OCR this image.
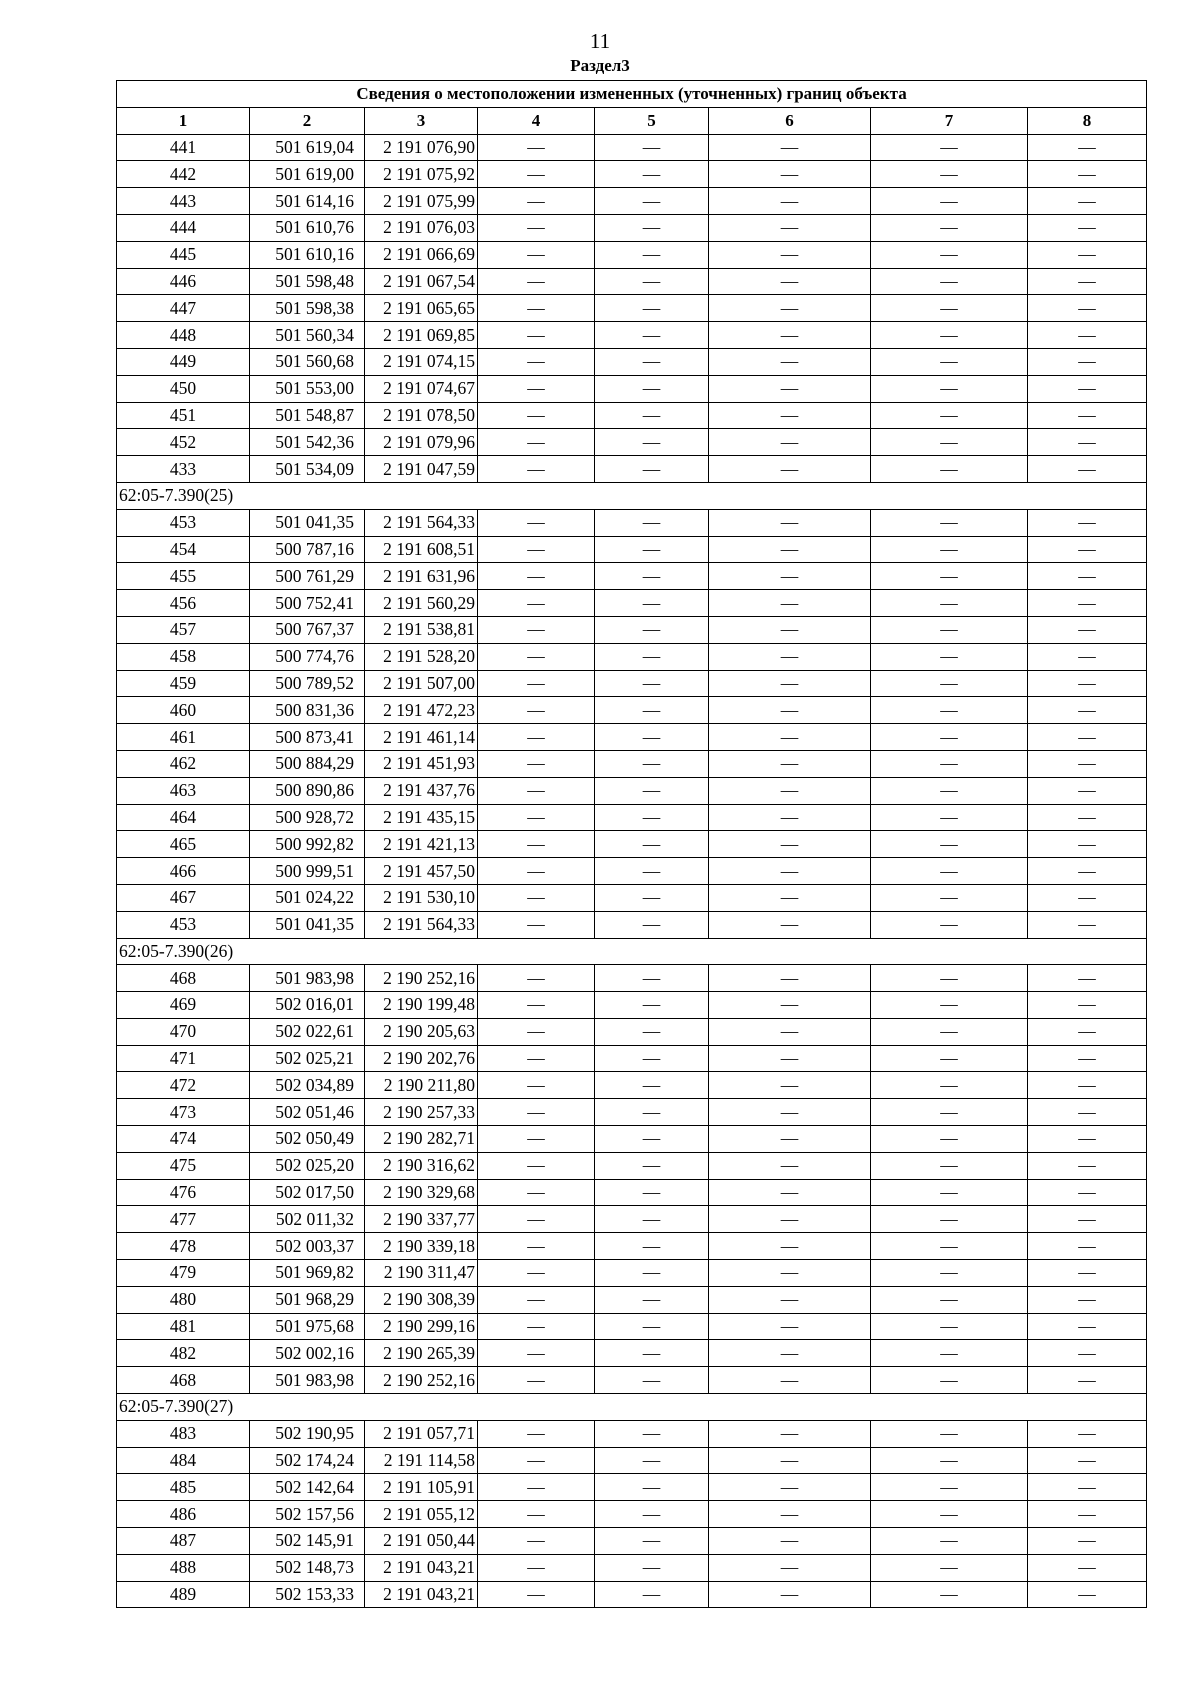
11
Раздел3
Сведения о местоположении измененных (уточненных) границ объекта							
1	2	3	4	5	6	7	8
441	501 619,04	2 191 076,90	—	—	—	—	—
442	501 619,00	2 191 075,92	—	—	—	—	—
443	501 614,16	2 191 075,99	—	—	—	—	—
444	501 610,76	2 191 076,03	—	—	—	—	—
445	501 610,16	2 191 066,69	—	—	—	—	—
446	501 598,48	2 191 067,54	—	—	—	—	—
447	501 598,38	2 191 065,65	—	—	—	—	—
448	501 560,34	2 191 069,85	—	—	—	—	—
449	501 560,68	2 191 074,15	—	—	—	—	—
450	501 553,00	2 191 074,67	—	—	—	—	—
451	501 548,87	2 191 078,50	—	—	—	—	—
452	501 542,36	2 191 079,96	—	—	—	—	—
433	501 534,09	2 191 047,59	—	—	—	—	—
62:05-7.390(25)							
453	501 041,35	2 191 564,33	—	—	—	—	—
454	500 787,16	2 191 608,51	—	—	—	—	—
455	500 761,29	2 191 631,96	—	—	—	—	—
456	500 752,41	2 191 560,29	—	—	—	—	—
457	500 767,37	2 191 538,81	—	—	—	—	—
458	500 774,76	2 191 528,20	—	—	—	—	—
459	500 789,52	2 191 507,00	—	—	—	—	—
460	500 831,36	2 191 472,23	—	—	—	—	—
461	500 873,41	2 191 461,14	—	—	—	—	—
462	500 884,29	2 191 451,93	—	—	—	—	—
463	500 890,86	2 191 437,76	—	—	—	—	—
464	500 928,72	2 191 435,15	—	—	—	—	—
465	500 992,82	2 191 421,13	—	—	—	—	—
466	500 999,51	2 191 457,50	—	—	—	—	—
467	501 024,22	2 191 530,10	—	—	—	—	—
453	501 041,35	2 191 564,33	—	—	—	—	—
62:05-7.390(26)							
468	501 983,98	2 190 252,16	—	—	—	—	—
469	502 016,01	2 190 199,48	—	—	—	—	—
470	502 022,61	2 190 205,63	—	—	—	—	—
471	502 025,21	2 190 202,76	—	—	—	—	—
472	502 034,89	2 190 211,80	—	—	—	—	—
473	502 051,46	2 190 257,33	—	—	—	—	—
474	502 050,49	2 190 282,71	—	—	—	—	—
475	502 025,20	2 190 316,62	—	—	—	—	—
476	502 017,50	2 190 329,68	—	—	—	—	—
477	502 011,32	2 190 337,77	—	—	—	—	—
478	502 003,37	2 190 339,18	—	—	—	—	—
479	501 969,82	2 190 311,47	—	—	—	—	—
480	501 968,29	2 190 308,39	—	—	—	—	—
481	501 975,68	2 190 299,16	—	—	—	—	—
482	502 002,16	2 190 265,39	—	—	—	—	—
468	501 983,98	2 190 252,16	—	—	—	—	—
62:05-7.390(27)							
483	502 190,95	2 191 057,71	—	—	—	—	—
484	502 174,24	2 191 114,58	—	—	—	—	—
485	502 142,64	2 191 105,91	—	—	—	—	—
486	502 157,56	2 191 055,12	—	—	—	—	—
487	502 145,91	2 191 050,44	—	—	—	—	—
488	502 148,73	2 191 043,21	—	—	—	—	—
489	502 153,33	2 191 043,21	—	—	—	—	—
